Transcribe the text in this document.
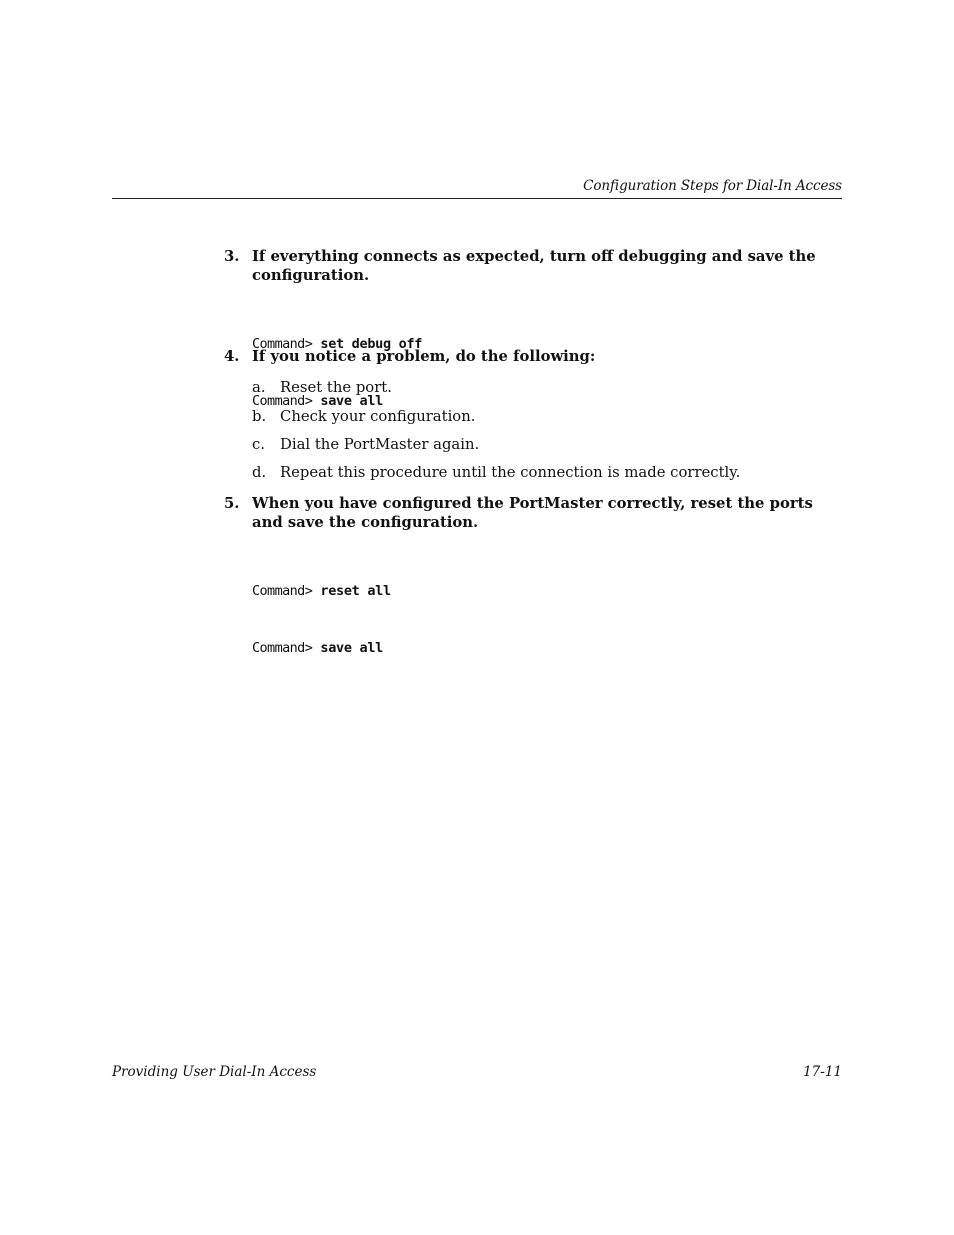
Configuration Steps for Dial-In Access
3. If everything connects as expected, turn off debugging and save the configuration.

Command> set debug off

Command> save all

4. If you notice a problem, do the following:
a. Reset the port.
b. Check your configuration.
c. Dial the PortMaster again.
d. Repeat this procedure until the connection is made correctly.
5. When you have configured the PortMaster correctly, reset the ports and save the configuration.

Command> reset all

Command> save all

Providing User Dial-In Access	17-11
